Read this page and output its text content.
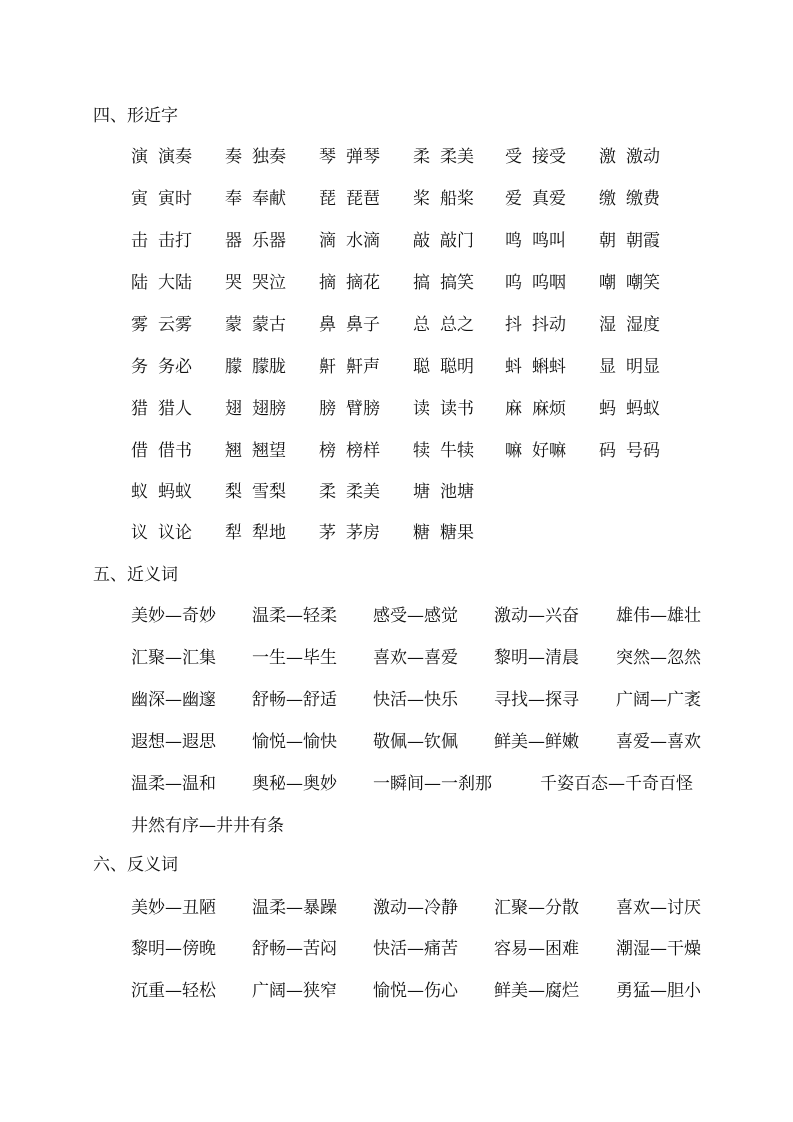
四、形近字
演 演奏 奏 独奏 琴 弹琴 柔 柔美 受 接受 激 激动
寅 寅时 奉 奉献 琵 琵琶 桨 船桨 爱 真爱 缴 缴费
击 击打 器 乐器 滴 水滴 敲 敲门 鸣 鸣叫 朝 朝霞
陆 大陆 哭 哭泣 摘 摘花 搞 搞笑 呜 呜咽 嘲 嘲笑
雾 云雾 蒙 蒙古 鼻 鼻子 总 总之 抖 抖动 湿 湿度
务 务必 朦 朦胧 鼾 鼾声 聪 聪明 蚪 蝌蚪 显 明显
猎 猎人 翅 翅膀 膀 臂膀 读 读书 麻 麻烦 蚂 蚂蚁
借 借书 翘 翘望 榜 榜样 犊 牛犊 嘛 好嘛 码 号码
蚁 蚂蚁 梨 雪梨 柔 柔美 塘 池塘
议 议论 犁 犁地 茅 茅房 糖 糖果
五、近义词
美妙—奇妙 温柔—轻柔 感受—感觉 激动—兴奋 雄伟—雄壮
汇聚—汇集 一生—毕生 喜欢—喜爱 黎明—清晨 突然—忽然
幽深—幽邃 舒畅—舒适 快活—快乐 寻找—探寻 广阔—广袤
遐想—遐思 愉悦—愉快 敬佩—钦佩 鲜美—鲜嫩 喜爱—喜欢
温柔—温和 奥秘—奥妙 一瞬间—一刹那	千姿百态—千奇百怪
井然有序—井井有条
六、反义词
美妙—丑陋 温柔—暴躁 激动—冷静 汇聚—分散 喜欢—讨厌
黎明—傍晚 舒畅—苦闷 快活—痛苦 容易—困难 潮湿—干燥
沉重—轻松 广阔—狭窄 愉悦—伤心 鲜美—腐烂 勇猛—胆小
